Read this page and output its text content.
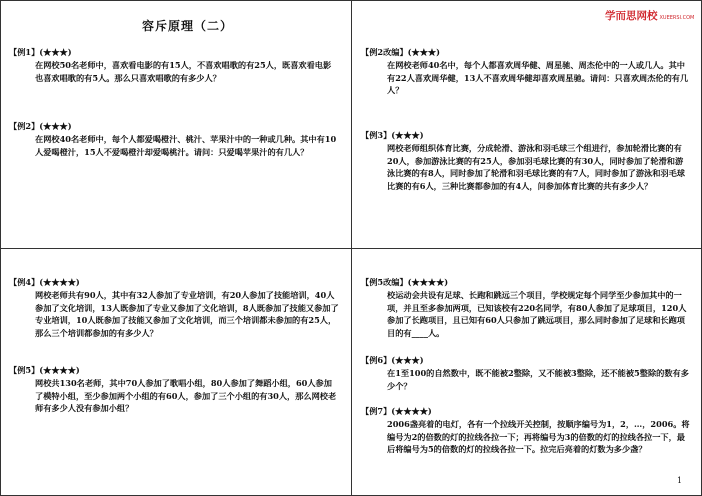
容斥原理（二）
学而思网校 XUEERSI.COM
【例1】(★★★)
在网校50名老师中，喜欢看电影的有15人，不喜欢唱歌的有25人，既喜欢看电影也喜欢唱歌的有5人。那么只喜欢唱歌的有多少人？
【例2】(★★★)
在网校40名老师中，每个人都爱喝橙汁、桃汁、苹果汁中的一种或几种。其中有10人爱喝橙汁，15人不爱喝橙汁却爱喝桃汁。请问：只爱喝苹果汁的有几人？
【例2改编】(★★★)
在网校老师40名中，每个人都喜欢周华健、周星驰、周杰伦中的一人或几人。其中有22人喜欢周华健，13人不喜欢周华健却喜欢周星驰。请问：只喜欢周杰伦的有几人？
【例3】(★★★)
网校老师组织体育比赛，分成轮滑、游泳和羽毛球三个组进行，参加轮滑比赛的有20人，参加游泳比赛的有25人，参加羽毛球比赛的有30人，同时参加了轮滑和游泳比赛的有8人，同时参加了轮滑和羽毛球比赛的有7人，同时参加了游泳和羽毛球比赛的有6人，三种比赛都参加的有4人，问参加体育比赛的共有多少人？
【例4】(★★★★)
网校老师共有90人，其中有32人参加了专业培训，有20人参加了技能培训，40人参加了文化培训，13人既参加了专业又参加了文化培训，8人既参加了技能又参加了专业培训，10人既参加了技能又参加了文化培训，而三个培训都未参加的有25人，那么三个培训都参加的有多少人？
【例5】(★★★★)
网校共130名老师，其中70人参加了歌唱小组，80人参加了舞蹈小组，60人参加了模特小组，至少参加两个小组的有60人，参加了三个小组的有30人，那么网校老师有多少人没有参加小组？
【例5改编】(★★★★)
校运动会共设有足球、长跑和跳远三个项目，学校规定每个同学至少参加其中的一项，并且至多参加两项，已知该校有220名同学，有80人参加了足球项目，120人参加了长跑项目，且已知有60人只参加了跳远项目，那么同时参加了足球和长跑项目的有____人。
【例6】(★★★)
在1至100的自然数中，既不能被2整除，又不能被3整除，还不能被5整除的数有多少个？
【例7】(★★★★)
2006盏亮着的电灯，各有一个拉线开关控制，按顺序编号为1，2，…，2006。将编号为2的倍数的灯的拉线各拉一下；再将编号为3的倍数的灯的拉线各拉一下，最后将编号为5的倍数的灯的拉线各拉一下。拉完后亮着的灯数为多少盏？
1
